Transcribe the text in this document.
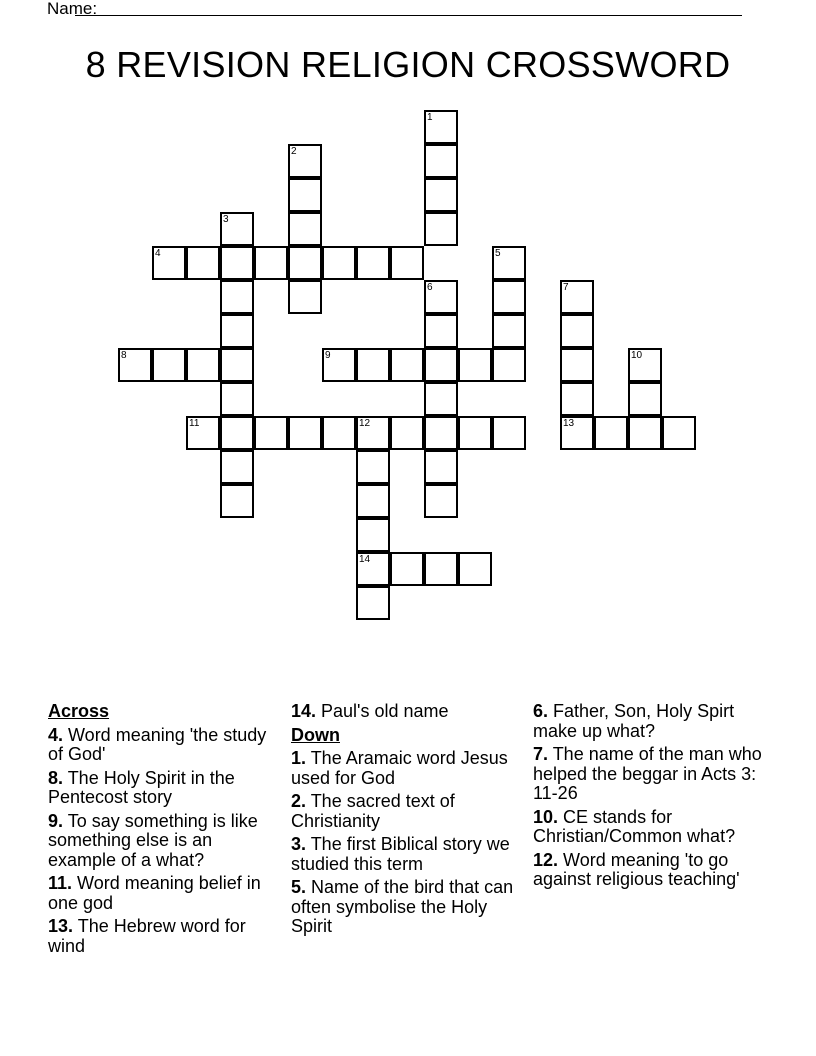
Name:
8 REVISION RELIGION CROSSWORD
1
2
3
4	5
6	7
8	9	10
11	12	13
14
Across
4. Word meaning 'the study of God'
8. The Holy Spirit in the Pentecost story
9. To say something is like something else is an example of a what?
11. Word meaning belief in one god
13. The Hebrew word for wind
14. Paul's old name
Down
1. The Aramaic word Jesus used for God
2. The sacred text of Christianity
3. The first Biblical story we studied this term
5. Name of the bird that can often symbolise the Holy Spirit
6. Father, Son, Holy Spirt make up what?
7. The name of the man who helped the beggar in Acts 3: 11-26
10. CE stands for Christian/Common what?
12. Word meaning 'to go against religious teaching'
